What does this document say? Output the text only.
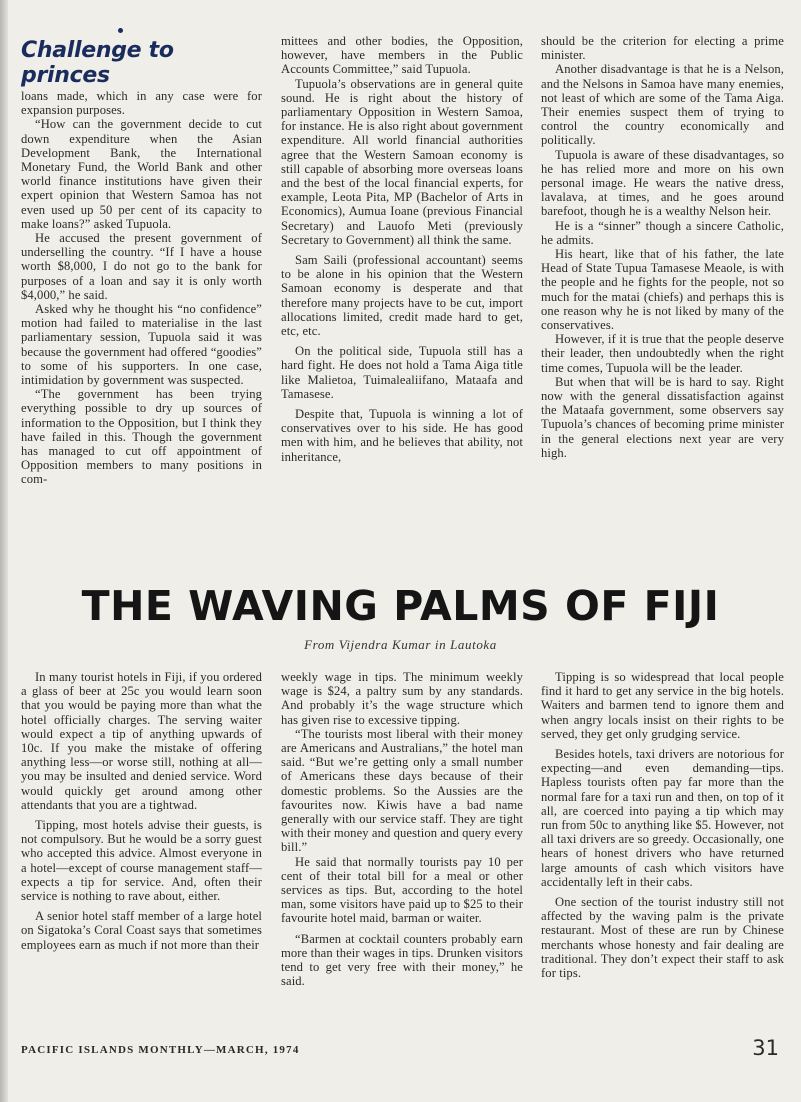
Challenge to princes

loans made, which in any case were for expansion purposes.

“How can the government decide to cut down expenditure when the Asian Development Bank, the International Monetary Fund, the World Bank and other world finance institutions have given their expert opinion that Western Samoa has not even used up 50 per cent of its capacity to make loans?” asked Tupuola.

He accused the present government of underselling the country. “If I have a house worth $8,000, I do not go to the bank for purposes of a loan and say it is only worth $4,000,” he said.

Asked why he thought his “no confidence” motion had failed to materialise in the last parliamentary session, Tupuola said it was because the government had offered “goodies” to some of his supporters. In one case, intimidation by government was suspected.

“The government has been trying everything possible to dry up sources of information to the Opposition, but I think they have failed in this. Though the government has managed to cut off appointment of Opposition members to many positions in com-

mittees and other bodies, the Opposition, however, have members in the Public Accounts Committee,” said Tupuola.

Tupuola’s observations are in general quite sound. He is right about the history of parliamentary Opposition in Western Samoa, for instance. He is also right about government expenditure. All world financial authorities agree that the Western Samoan economy is still capable of absorbing more overseas loans and the best of the local financial experts, for example, Leota Pita, MP (Bachelor of Arts in Economics), Aumua Ioane (previous Financial Secretary) and Lauofo Meti (previously Secretary to Government) all think the same.

Sam Saili (professional accountant) seems to be alone in his opinion that the Western Samoan economy is desperate and that therefore many projects have to be cut, import allocations limited, credit made hard to get, etc, etc.

On the political side, Tupuola still has a hard fight. He does not hold a Tama Aiga title like Malietoa, Tuimalealiifano, Mataafa and Tamasese.

Despite that, Tupuola is winning a lot of conservatives over to his side. He has good men with him, and he believes that ability, not inheritance,

should be the criterion for electing a prime minister.

Another disadvantage is that he is a Nelson, and the Nelsons in Samoa have many enemies, not least of which are some of the Tama Aiga. Their enemies suspect them of trying to control the country economically and politically.

Tupuola is aware of these disadvantages, so he has relied more and more on his own personal image. He wears the native dress, lavalava, at times, and he goes around barefoot, though he is a wealthy Nelson heir.

He is a “sinner” though a sincere Catholic, he admits.

His heart, like that of his father, the late Head of State Tupua Tamasese Meaole, is with the people and he fights for the people, not so much for the matai (chiefs) and perhaps this is one reason why he is not liked by many of the conservatives.

However, if it is true that the people deserve their leader, then undoubtedly when the right time comes, Tupuola will be the leader.

But when that will be is hard to say. Right now with the general dissatisfaction against the Mataafa government, some observers say Tupuola’s chances of becoming prime minister in the general elections next year are very high.

THE WAVING PALMS OF FIJI

From Vijendra Kumar in Lautoka

In many tourist hotels in Fiji, if you ordered a glass of beer at 25c you would learn soon that you would be paying more than what the hotel officially charges. The serving waiter would expect a tip of anything upwards of 10c. If you make the mistake of offering anything less—or worse still, nothing at all—you may be insulted and denied service. Word would quickly get around among other attendants that you are a tightwad.

Tipping, most hotels advise their guests, is not compulsory. But he would be a sorry guest who accepted this advice. Almost everyone in a hotel—except of course management staff—expects a tip for service. And, often their service is nothing to rave about, either.

A senior hotel staff member of a large hotel on Sigatoka’s Coral Coast says that sometimes employees earn as much if not more than their

weekly wage in tips. The minimum weekly wage is $24, a paltry sum by any standards. And probably it’s the wage structure which has given rise to excessive tipping.

“The tourists most liberal with their money are Americans and Australians,” the hotel man said. “But we’re getting only a small number of Americans these days because of their domestic problems. So the Aussies are the favourites now. Kiwis have a bad name generally with our service staff. They are tight with their money and question and query every bill.”

He said that normally tourists pay 10 per cent of their total bill for a meal or other services as tips. But, according to the hotel man, some visitors have paid up to $25 to their favourite hotel maid, barman or waiter.

“Barmen at cocktail counters probably earn more than their wages in tips. Drunken visitors tend to get very free with their money,” he said.

Tipping is so widespread that local people find it hard to get any service in the big hotels. Waiters and barmen tend to ignore them and when angry locals insist on their rights to be served, they get only grudging service.

Besides hotels, taxi drivers are notorious for expecting—and even demanding—tips. Hapless tourists often pay far more than the normal fare for a taxi run and then, on top of it all, are coerced into paying a tip which may run from 50c to anything like $5. However, not all taxi drivers are so greedy. Occasionally, one hears of honest drivers who have returned large amounts of cash which visitors have accidentally left in their cabs.

One section of the tourist industry still not affected by the waving palm is the private restaurant. Most of these are run by Chinese merchants whose honesty and fair dealing are traditional. They don’t expect their staff to ask for tips.

PACIFIC ISLANDS MONTHLY—MARCH, 1974	31
